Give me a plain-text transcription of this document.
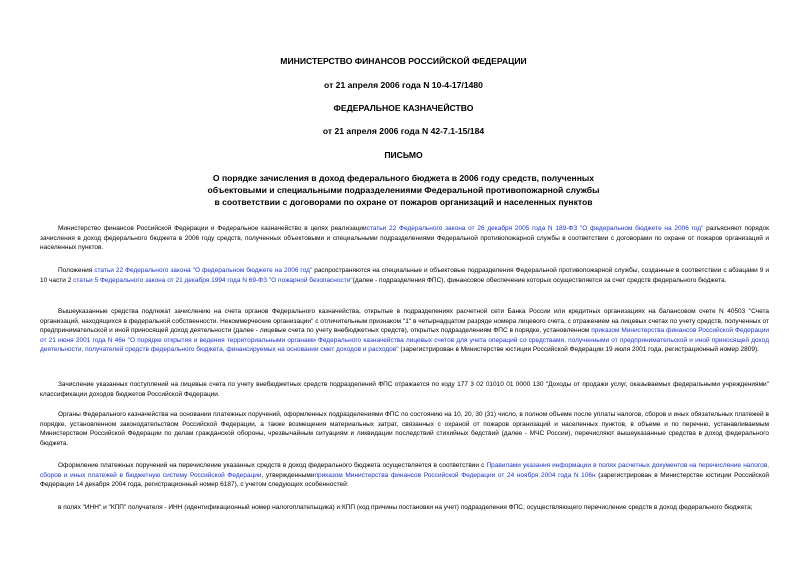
МИНИСТЕРСТВО ФИНАНСОВ РОССИЙСКОЙ ФЕДЕРАЦИИ
от 21 апреля 2006 года N 10-4-17/1480
ФЕДЕРАЛЬНОЕ КАЗНАЧЕЙСТВО
от 21 апреля 2006 года N 42-7.1-15/184
ПИСЬМО
О порядке зачисления в доход федерального бюджета в 2006 году средств, полученных
объектовыми и специальными подразделениями Федеральной противопожарной службы
в соответствии с договорами по охране от пожаров организаций и населенных пунктов

Министерство финансов Российской Федерации и Федеральное казначейство в целях реализациистатьи 22 Федерального закона от 26 декабря 2005 года N 189-ФЗ "О федеральном бюджете на 2006 год" разъясняют порядок зачисления в доход федерального бюджета в 2006 году средств, полученных объектовыми и специальными подразделениями Федеральной противопожарной службы в соответствии с договорами по охране от пожаров организаций и населенных пунктов.

Положения статьи 22 Федерального закона "О федеральном бюджете на 2006 год" распространяются на специальные и объектовые подразделения Федеральной противопожарной службы, созданные в соответствии с абзацами 9 и 10 части 2 статьи 5 Федерального закона от 21 декабря 1994 года N 69-ФЗ "О пожарной безопасности"(далее - подразделения ФПС), финансовое обеспечение которых осуществляется за счет средств федерального бюджета.

Вышеуказанные средства подлежат зачислению на счета органов Федерального казначейства, открытые в подразделениях расчетной сети Банка России или кредитных организациях на балансовом счете N 40503 "Счета организаций, находящихся в федеральной собственности. Некоммерческие организации" с отличительным признаком "1" в четырнадцатом разряде номера лицевого счета, с отражением на лицевых счетах по учету средств, полученных от предпринимательской и иной приносящей доход деятельности (далее - лицевые счета по учету внебюджетных средств), открытых подразделениям ФПС в порядке, установленном приказом Министерства финансов Российской Федерации от 21 июня 2001 года N 46н "О порядке открытия и ведения территориальными органами Федерального казначейства лицевых счетов для учета операций со средствами, полученными от предпринимательской и иной приносящей доход деятельности, получателей средств федерального бюджета, финансируемых на основании смет доходов и расходов" (зарегистрирован в Министерстве юстиции Российской Федерации 19 июля 2001 года, регистрационный номер 2809).

Зачисление указанных поступлений на лицевые счета по учету внебюджетных средств подразделений ФПС отражается по коду 177 3 02 01010 01 0000 130 "Доходы от продажи услуг, оказываемых федеральными учреждениями" классификации доходов бюджетов Российской Федерации.

Органы Федерального казначейства на основании платежных поручений, оформленных подразделениями ФПС по состоянию на 10, 20, 30 (31) число, в полном объеме после уплаты налогов, сборов и иных обязательных платежей в порядке, установленном законодательством Российской Федерации, а также возмещения материальных затрат, связанных с охраной от пожаров организаций и населенных пунктов, в объеме и по перечню, устанавливаемым Министерством Российской Федерации по делам гражданской обороны, чрезвычайным ситуациям и ликвидации последствий стихийных бедствий (далее - МЧС России), перечисляют вышеуказанные средства в доход федерального бюджета.

Оформление платежных поручений на перечисление указанных средств в доход федерального бюджета осуществляется в соответствии с Правилами указания информации в полях расчетных документов на перечисление налогов, сборов и иных платежей в бюджетную систему Российской Федерации, утвержденнымиприказом Министерства финансов Российской Федерации от 24 ноября 2004 года N 106н (зарегистрирован в Министерстве юстиции Российской Федерации 14 декабря 2004 года, регистрационный номер 6187), с учетом следующих особенностей:

в полях "ИНН" и "КПП" получателя - ИНН (идентификационный номер налогоплательщика) и КПП (код причины постановки на учет) подразделения ФПС, осуществляющего перечисление средств в доход федерального бюджета;
